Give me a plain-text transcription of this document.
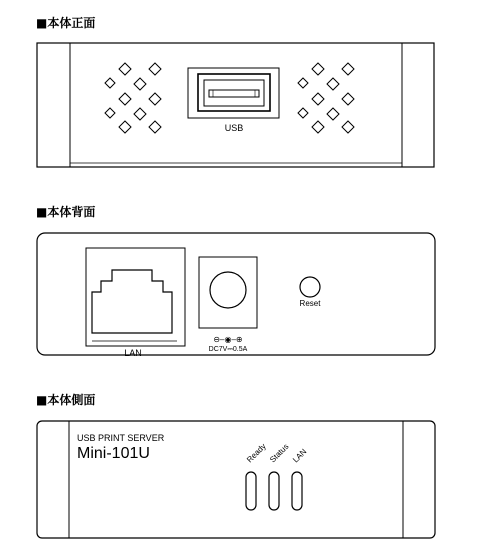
■本体正面
USB
■本体背面
LAN
⊖–◉–⊕
DC7V⎓0.5A
Reset
■本体側面
USB PRINT SERVER
Mini-101U	Ready Status LAN
